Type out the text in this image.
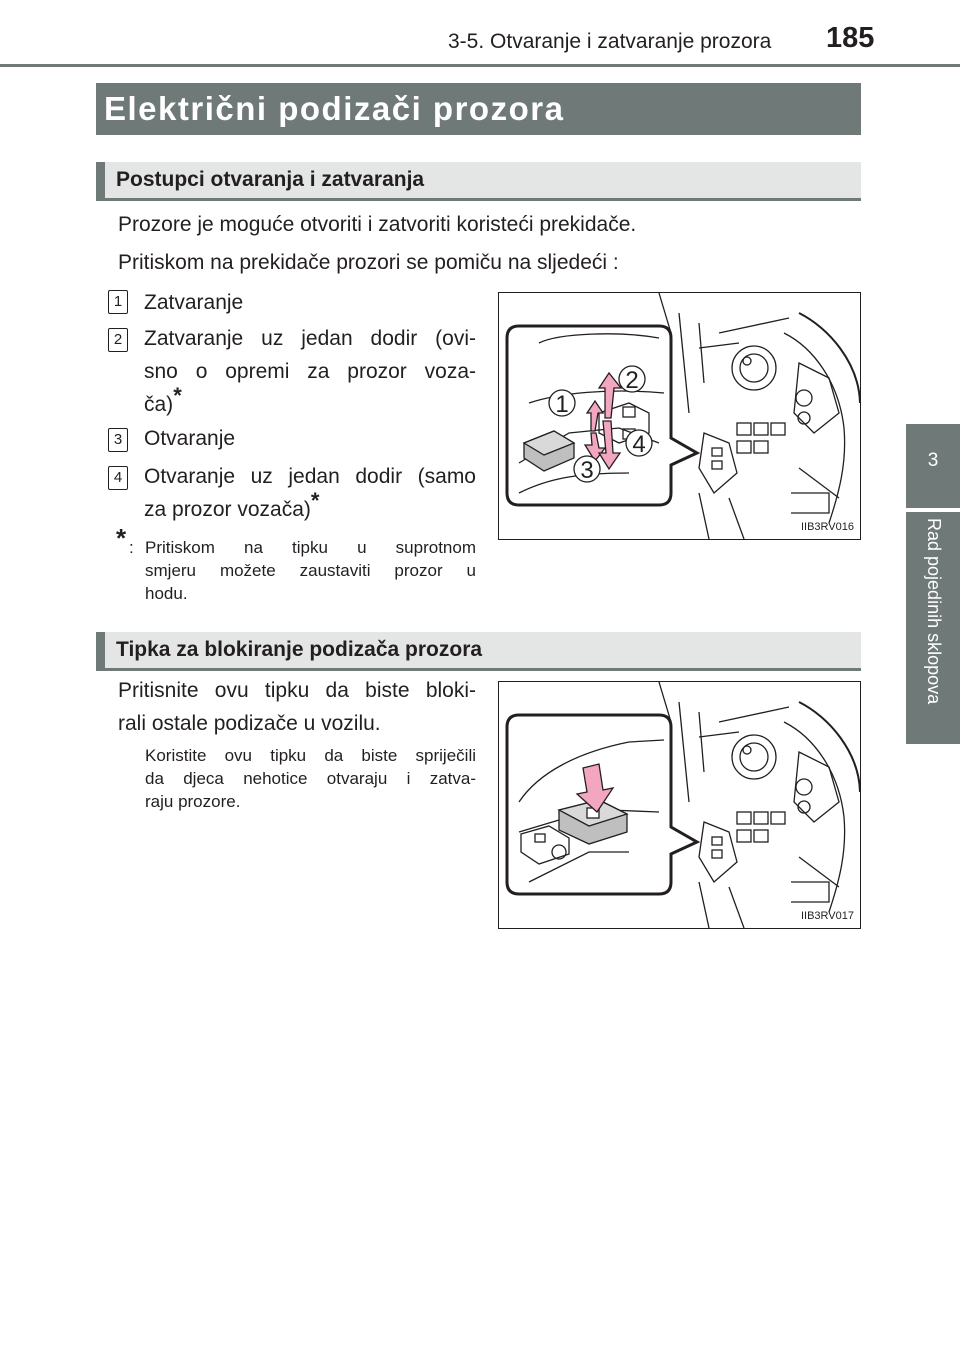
3-5. Otvaranje i zatvaranje prozora 185
3
Rad pojedinih sklopova
Električni podizači prozora
Postupci otvaranja i zatvaranja
Prozore je moguće otvoriti i zatvoriti koristeći prekidače.
Pritiskom na prekidače prozori se pomiču na sljedeći :
1 Zatvaranje
2 Zatvaranje uz jedan dodir (ovi-
sno o opremi za prozor voza-
ča)*
3 Otvaranje
4 Otvaranje uz jedan dodir (samo
za prozor vozača)*
* : Pritiskom na tipku u suprotnom
smjeru možete zaustaviti prozor u
hodu.
1
2
3
4
IIB3RV016
Tipka za blokiranje podizača prozora
Pritisnite ovu tipku da biste bloki-
rali ostale podizače u vozilu.
Koristite ovu tipku da biste spriječili
da djeca nehotice otvaraju i zatva-
raju prozore.
IIB3RV017
